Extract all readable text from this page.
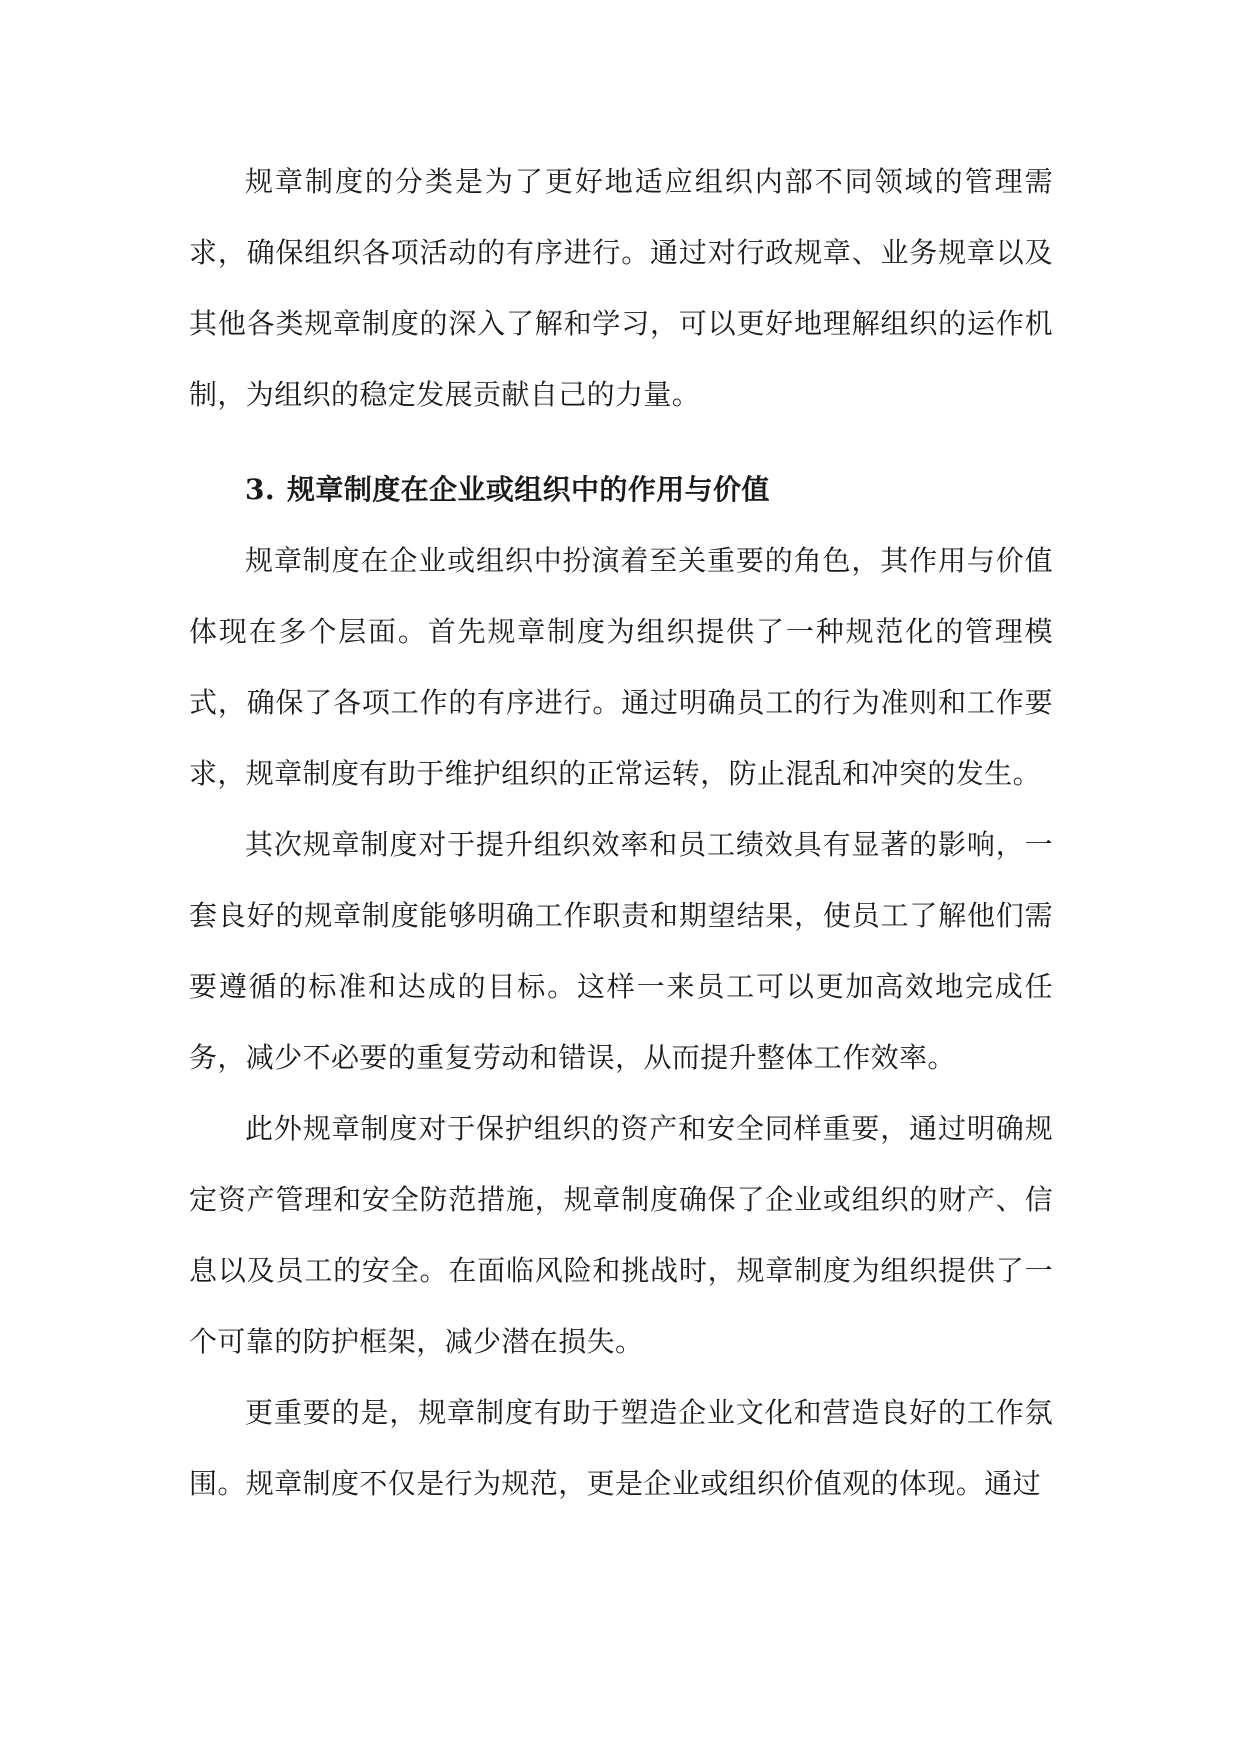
规章制度的分类是为了更好地适应组织内部不同领域的管理需求，确保组织各项活动的有序进行。通过对行政规章、业务规章以及其他各类规章制度的深入了解和学习，可以更好地理解组织的运作机制，为组织的稳定发展贡献自己的力量。

3. 规章制度在企业或组织中的作用与价值

规章制度在企业或组织中扮演着至关重要的角色，其作用与价值体现在多个层面。首先规章制度为组织提供了一种规范化的管理模式，确保了各项工作的有序进行。通过明确员工的行为准则和工作要求，规章制度有助于维护组织的正常运转，防止混乱和冲突的发生。

其次规章制度对于提升组织效率和员工绩效具有显著的影响，一套良好的规章制度能够明确工作职责和期望结果，使员工了解他们需要遵循的标准和达成的目标。这样一来员工可以更加高效地完成任务，减少不必要的重复劳动和错误，从而提升整体工作效率。

此外规章制度对于保护组织的资产和安全同样重要，通过明确规定资产管理和安全防范措施，规章制度确保了企业或组织的财产、信息以及员工的安全。在面临风险和挑战时，规章制度为组织提供了一个可靠的防护框架，减少潜在损失。

更重要的是，规章制度有助于塑造企业文化和营造良好的工作氛围。规章制度不仅是行为规范，更是企业或组织价值观的体现。通过
